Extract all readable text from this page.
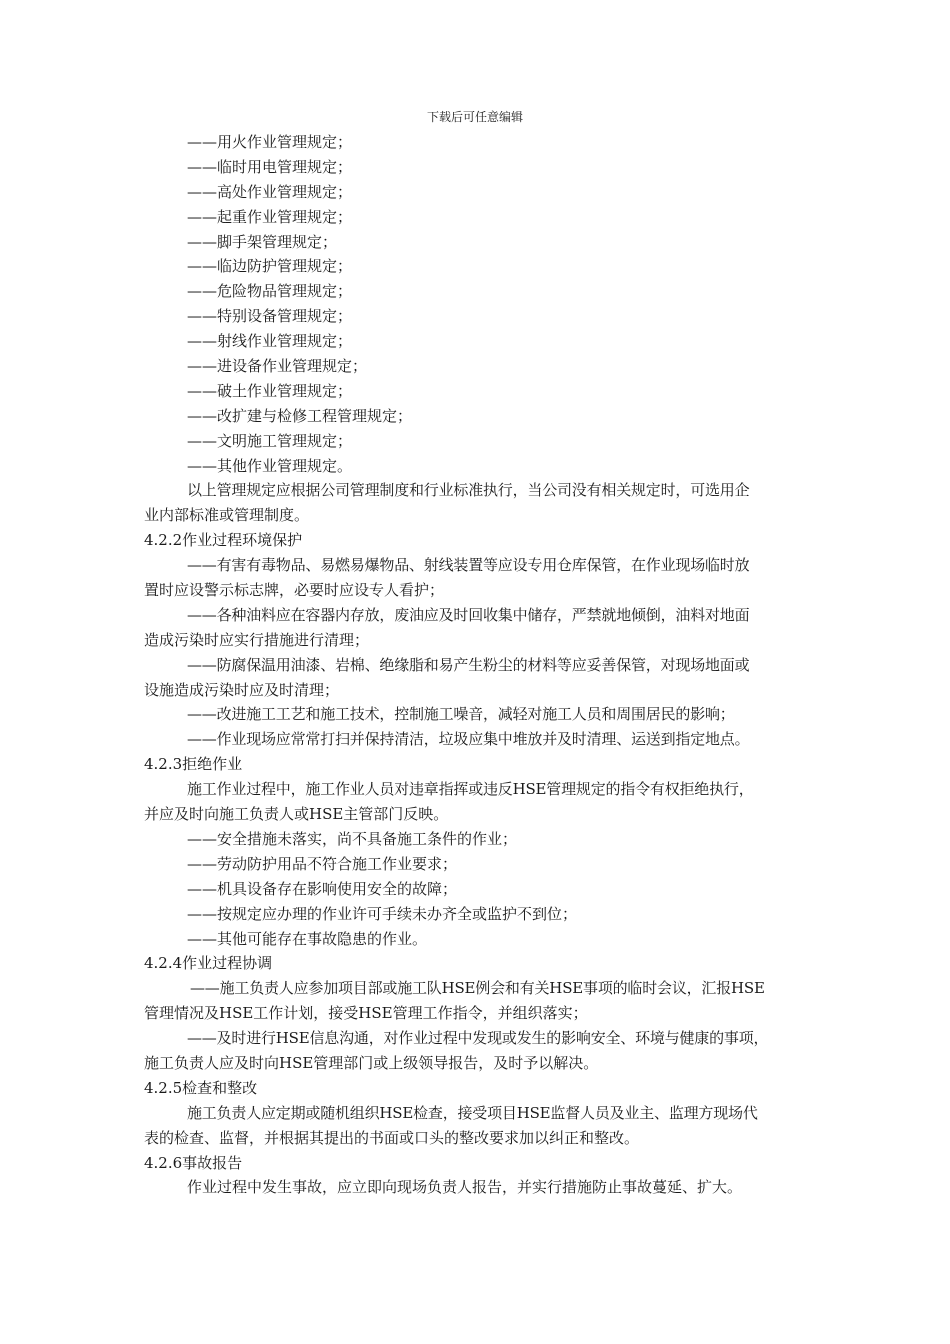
下载后可任意编辑
——用火作业管理规定；
——临时用电管理规定；
——高处作业管理规定；
——起重作业管理规定；
——脚手架管理规定；
——临边防护管理规定；
——危险物品管理规定；
——特别设备管理规定；
——射线作业管理规定；
——进设备作业管理规定；
——破土作业管理规定；
——改扩建与检修工程管理规定；
——文明施工管理规定；
——其他作业管理规定。
以上管理规定应根据公司管理制度和行业标准执行，当公司没有相关规定时，可选用企
业内部标准或管理制度。
4.2.2作业过程环境保护
——有害有毒物品、易燃易爆物品、射线装置等应设专用仓库保管，在作业现场临时放
置时应设警示标志牌，必要时应设专人看护；
——各种油料应在容器内存放，废油应及时回收集中储存，严禁就地倾倒，油料对地面
造成污染时应实行措施进行清理；
——防腐保温用油漆、岩棉、绝缘脂和易产生粉尘的材料等应妥善保管，对现场地面或
设施造成污染时应及时清理；
——改进施工工艺和施工技术，控制施工噪音，减轻对施工人员和周围居民的影响；
——作业现场应常常打扫并保持清洁，垃圾应集中堆放并及时清理、运送到指定地点。
4.2.3拒绝作业
施工作业过程中，施工作业人员对违章指挥或违反HSE管理规定的指令有权拒绝执行，
并应及时向施工负责人或HSE主管部门反映。
——安全措施未落实，尚不具备施工条件的作业；
——劳动防护用品不符合施工作业要求；
——机具设备存在影响使用安全的故障；
——按规定应办理的作业许可手续未办齐全或监护不到位；
——其他可能存在事故隐患的作业。
4.2.4作业过程协调
——施工负责人应参加项目部或施工队HSE例会和有关HSE事项的临时会议，汇报HSE
管理情况及HSE工作计划，接受HSE管理工作指令，并组织落实；
——及时进行HSE信息沟通，对作业过程中发现或发生的影响安全、环境与健康的事项，
施工负责人应及时向HSE管理部门或上级领导报告，及时予以解决。
4.2.5检查和整改
施工负责人应定期或随机组织HSE检查，接受项目HSE监督人员及业主、监理方现场代
表的检查、监督，并根据其提出的书面或口头的整改要求加以纠正和整改。
4.2.6事故报告
作业过程中发生事故，应立即向现场负责人报告，并实行措施防止事故蔓延、扩大。
